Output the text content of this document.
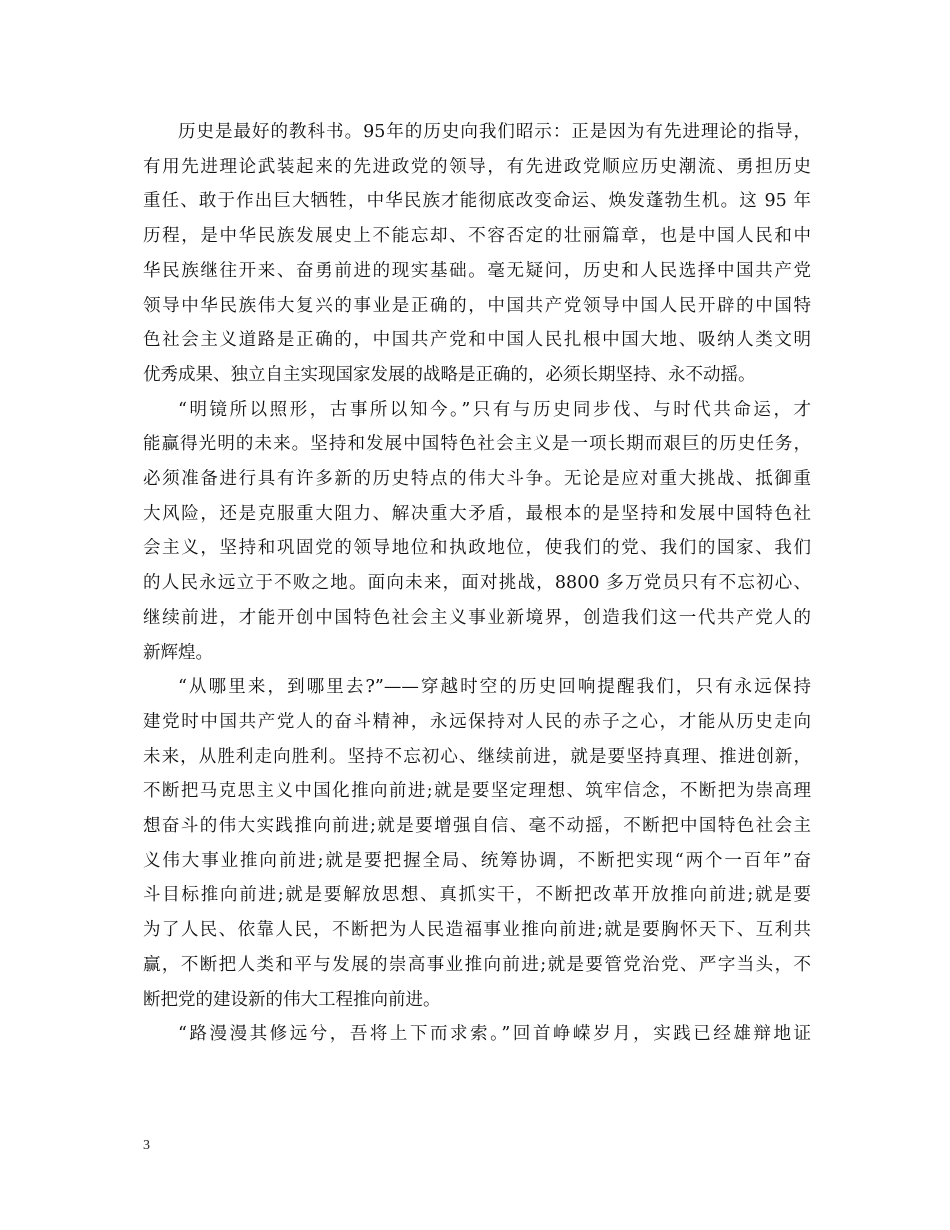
历史是最好的教科书。95年的历史向我们昭示：正是因为有先进理论的指导，
有用先进理论武装起来的先进政党的领导，有先进政党顺应历史潮流、勇担历史
重任、敢于作出巨大牺牲，中华民族才能彻底改变命运、焕发蓬勃生机。这 95 年
历程，是中华民族发展史上不能忘却、不容否定的壮丽篇章，也是中国人民和中
华民族继往开来、奋勇前进的现实基础。毫无疑问，历史和人民选择中国共产党
领导中华民族伟大复兴的事业是正确的，中国共产党领导中国人民开辟的中国特
色社会主义道路是正确的，中国共产党和中国人民扎根中国大地、吸纳人类文明
优秀成果、独立自主实现国家发展的战略是正确的，必须长期坚持、永不动摇。

“明镜所以照形，古事所以知今。”只有与历史同步伐、与时代共命运，才
能赢得光明的未来。坚持和发展中国特色社会主义是一项长期而艰巨的历史任务，
必须准备进行具有许多新的历史特点的伟大斗争。无论是应对重大挑战、抵御重
大风险，还是克服重大阻力、解决重大矛盾，最根本的是坚持和发展中国特色社
会主义，坚持和巩固党的领导地位和执政地位，使我们的党、我们的国家、我们
的人民永远立于不败之地。面向未来，面对挑战，8800 多万党员只有不忘初心、
继续前进，才能开创中国特色社会主义事业新境界，创造我们这一代共产党人的
新辉煌。

“从哪里来，到哪里去?”——穿越时空的历史回响提醒我们，只有永远保持
建党时中国共产党人的奋斗精神，永远保持对人民的赤子之心，才能从历史走向
未来，从胜利走向胜利。坚持不忘初心、继续前进，就是要坚持真理、推进创新，
不断把马克思主义中国化推向前进;就是要坚定理想、筑牢信念，不断把为崇高理
想奋斗的伟大实践推向前进;就是要增强自信、毫不动摇，不断把中国特色社会主
义伟大事业推向前进;就是要把握全局、统筹协调，不断把实现“两个一百年”奋
斗目标推向前进;就是要解放思想、真抓实干，不断把改革开放推向前进;就是要
为了人民、依靠人民，不断把为人民造福事业推向前进;就是要胸怀天下、互利共
赢，不断把人类和平与发展的崇高事业推向前进;就是要管党治党、严字当头，不
断把党的建设新的伟大工程推向前进。

“路漫漫其修远兮，吾将上下而求索。”回首峥嵘岁月，实践已经雄辩地证

3
